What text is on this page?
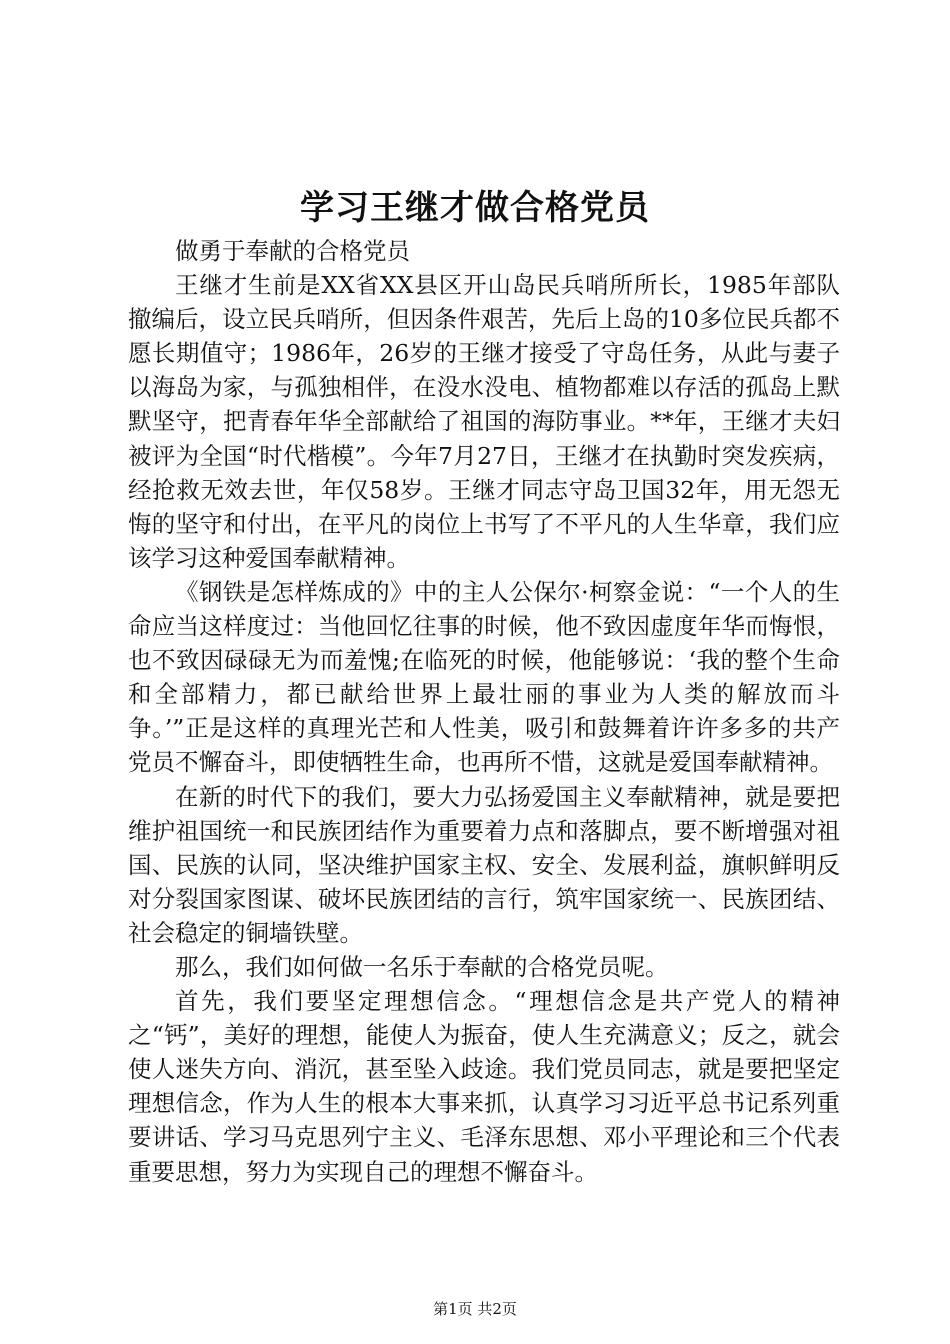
学习王继才做合格党员

做勇于奉献的合格党员

王继才生前是XX省XX县区开山岛民兵哨所所长，1985年部队撤编后，设立民兵哨所，但因条件艰苦，先后上岛的10多位民兵都不愿长期值守；1986年，26岁的王继才接受了守岛任务，从此与妻子以海岛为家，与孤独相伴，在没水没电、植物都难以存活的孤岛上默默坚守，把青春年华全部献给了祖国的海防事业。**年，王继才夫妇被评为全国“时代楷模”。今年7月27日，王继才在执勤时突发疾病，经抢救无效去世，年仅58岁。王继才同志守岛卫国32年，用无怨无悔的坚守和付出，在平凡的岗位上书写了不平凡的人生华章，我们应该学习这种爱国奉献精神。

《钢铁是怎样炼成的》中的主人公保尔·柯察金说：“一个人的生命应当这样度过：当他回忆往事的时候，他不致因虚度年华而悔恨，也不致因碌碌无为而羞愧;在临死的时候，他能够说：‘我的整个生命和全部精力，都已献给世界上最壮丽的事业为人类的解放而斗争。’”正是这样的真理光芒和人性美，吸引和鼓舞着许许多多的共产党员不懈奋斗，即使牺牲生命，也再所不惜，这就是爱国奉献精神。

在新的时代下的我们，要大力弘扬爱国主义奉献精神，就是要把维护祖国统一和民族团结作为重要着力点和落脚点，要不断增强对祖国、民族的认同，坚决维护国家主权、安全、发展利益，旗帜鲜明反对分裂国家图谋、破坏民族团结的言行，筑牢国家统一、民族团结、社会稳定的铜墙铁壁。

那么，我们如何做一名乐于奉献的合格党员呢。

首先，我们要坚定理想信念。“理想信念是共产党人的精神之“钙”，美好的理想，能使人为振奋，使人生充满意义；反之，就会使人迷失方向、消沉，甚至坠入歧途。我们党员同志，就是要把坚定理想信念，作为人生的根本大事来抓，认真学习习近平总书记系列重要讲话、学习马克思列宁主义、毛泽东思想、邓小平理论和三个代表重要思想，努力为实现自己的理想不懈奋斗。

第1页 共2页
